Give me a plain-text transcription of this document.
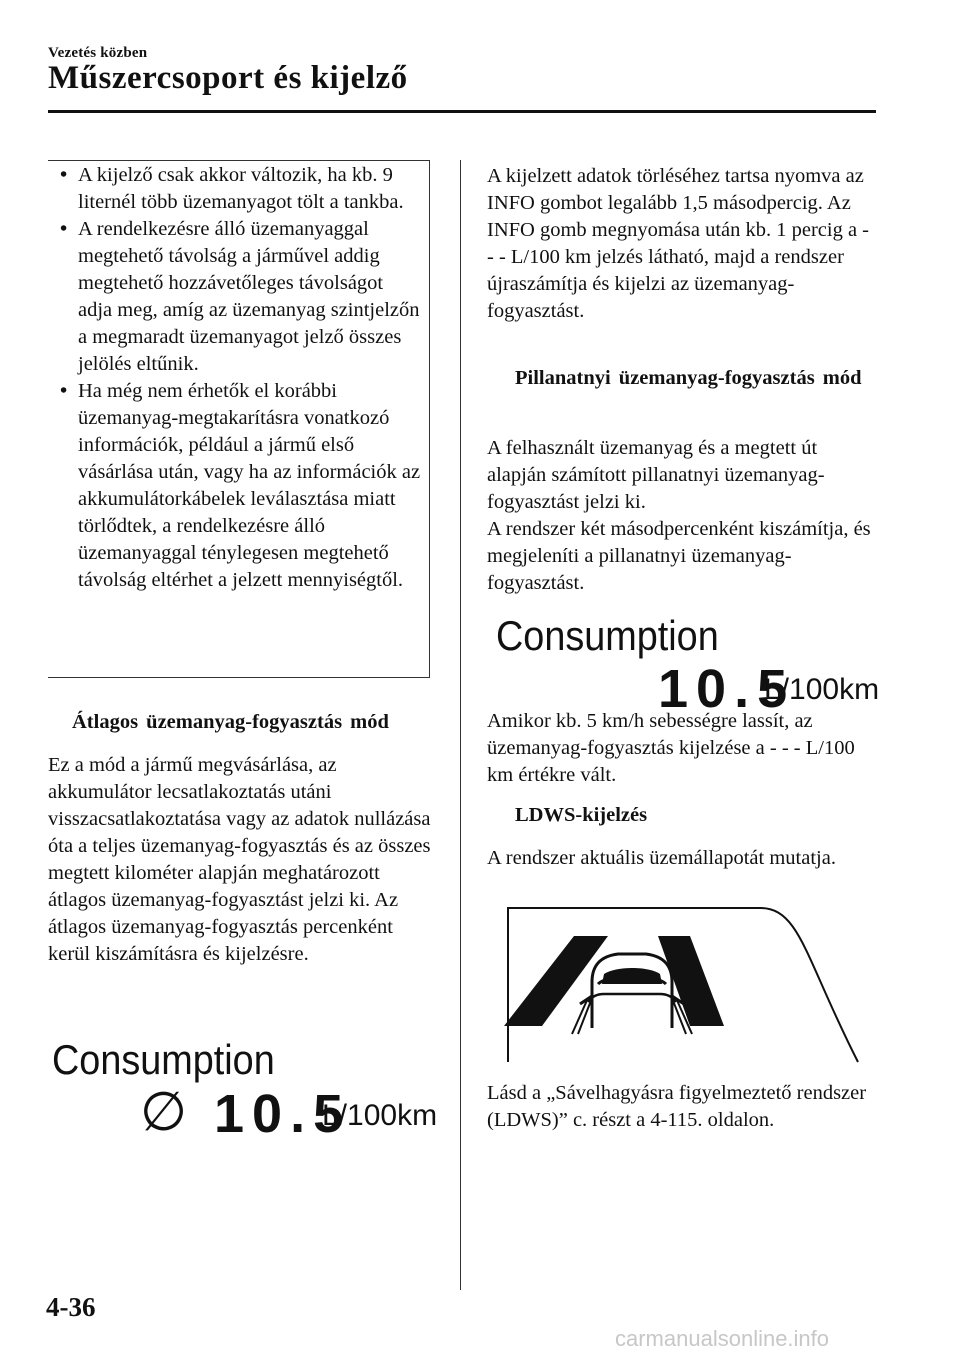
Vezetés közben
Műszercsoport és kijelző
• A kijelző csak akkor változik, ha kb. 9 liternél több üzemanyagot tölt a tankba.
• A rendelkezésre álló üzemanyaggal megtehető távolság a járművel addig megtehető hozzávetőleges távolságot adja meg, amíg az üzemanyag szintjelzőn a megmaradt üzemanyagot jelző összes jelölés eltűnik.
• Ha még nem érhetők el korábbi üzemanyag-megtakarításra vonatkozó információk, például a jármű első vásárlása után, vagy ha az információk az akkumulátorkábelek leválasztása miatt törlődtek, a rendelkezésre álló üzemanyaggal ténylegesen megtehető távolság eltérhet a jelzett mennyiségtől.
Átlagos üzemanyag-fogyasztás mód
Ez a mód a jármű megvásárlása, az akkumulátor lecsatlakoztatás utáni visszacsatlakoztatása vagy az adatok nullázása óta a teljes üzemanyag-fogyasztás és az összes megtett kilométer alapján meghatározott átlagos üzemanyag-fogyasztást jelzi ki. Az átlagos üzemanyag-fogyasztás percenként kerül kiszámításra és kijelzésre.
Consumption
∅ 10.5
L/100km
A kijelzett adatok törléséhez tartsa nyomva az INFO gombot legalább 1,5 másodpercig. Az INFO gomb megnyomása után kb. 1 percig a - - - L/100 km jelzés látható, majd a rendszer újraszámítja és kijelzi az üzemanyag-fogyasztást.
Pillanatnyi üzemanyag-fogyasztás mód
A felhasznált üzemanyag és a megtett út alapján számított pillanatnyi üzemanyag-fogyasztást jelzi ki.
A rendszer két másodpercenként kiszámítja, és megjeleníti a pillanatnyi üzemanyag-fogyasztást.
Consumption
10.5
L/100km
Amikor kb. 5 km/h sebességre lassít, az üzemanyag-fogyasztás kijelzése a - - - L/100 km értékre vált.
LDWS-kijelzés
A rendszer aktuális üzemállapotát mutatja.
Lásd a „Sávelhagyásra figyelmeztető rendszer (LDWS)” c. részt a 4-115. oldalon.
4-36
carmanualsonline.info
